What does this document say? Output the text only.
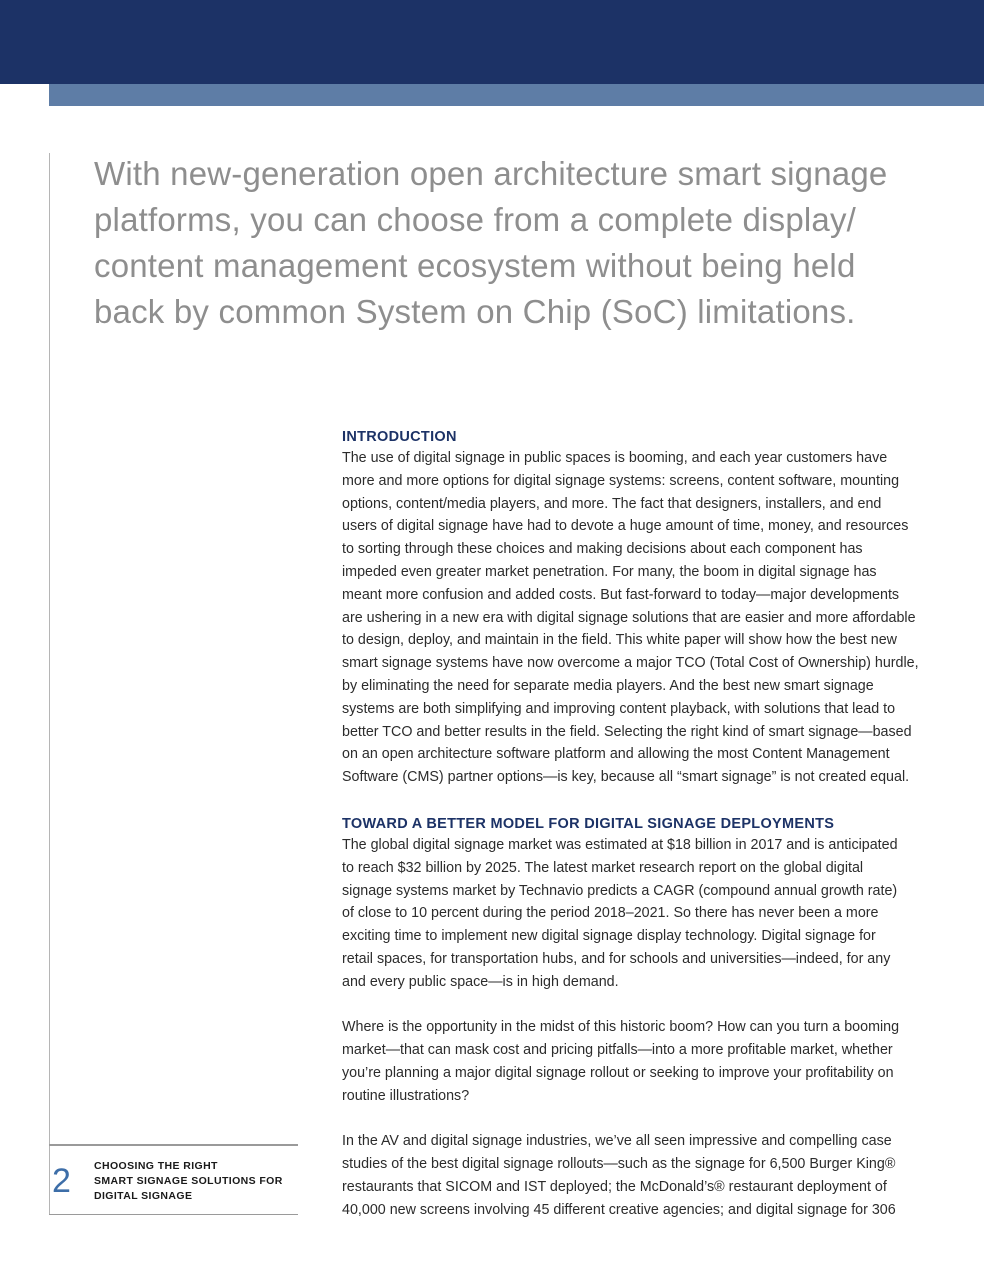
With new-generation open architecture smart signage
platforms, you can choose from a complete display/
content management ecosystem without being held
back by common System on Chip (SoC) limitations.
INTRODUCTION

The use of digital signage in public spaces is booming, and each year customers have
more and more options for digital signage systems: screens, content software, mounting
options, content/media players, and more. The fact that designers, installers, and end
users of digital signage have had to devote a huge amount of time, money, and resources
to sorting through these choices and making decisions about each component has
impeded even greater market penetration. For many, the boom in digital signage has
meant more confusion and added costs. But fast-forward to today—major developments
are ushering in a new era with digital signage solutions that are easier and more affordable
to design, deploy, and maintain in the field. This white paper will show how the best new
smart signage systems have now overcome a major TCO (Total Cost of Ownership) hurdle,
by eliminating the need for separate media players. And the best new smart signage
systems are both simplifying and improving content playback, with solutions that lead to
better TCO and better results in the field. Selecting the right kind of smart signage—based
on an open architecture software platform and allowing the most Content Management
Software (CMS) partner options—is key, because all “smart signage” is not created equal.

TOWARD A BETTER MODEL FOR DIGITAL SIGNAGE DEPLOYMENTS

The global digital signage market was estimated at $18 billion in 2017 and is anticipated
to reach $32 billion by 2025. The latest market research report on the global digital
signage systems market by Technavio predicts a CAGR (compound annual growth rate)
of close to 10 percent during the period 2018–2021. So there has never been a more
exciting time to implement new digital signage display technology. Digital signage for
retail spaces, for transportation hubs, and for schools and universities—indeed, for any
and every public space—is in high demand.

Where is the opportunity in the midst of this historic boom? How can you turn a booming
market—that can mask cost and pricing pitfalls—into a more profitable market, whether
you’re planning a major digital signage rollout or seeking to improve your profitability on
routine illustrations?

In the AV and digital signage industries, we’ve all seen impressive and compelling case
studies of the best digital signage rollouts—such as the signage for 6,500 Burger King®
restaurants that SICOM and IST deployed; the McDonald’s® restaurant deployment of
40,000 new screens involving 45 different creative agencies; and digital signage for 306

2 CHOOSING THE RIGHT
SMART SIGNAGE SOLUTIONS FOR
DIGITAL SIGNAGE
